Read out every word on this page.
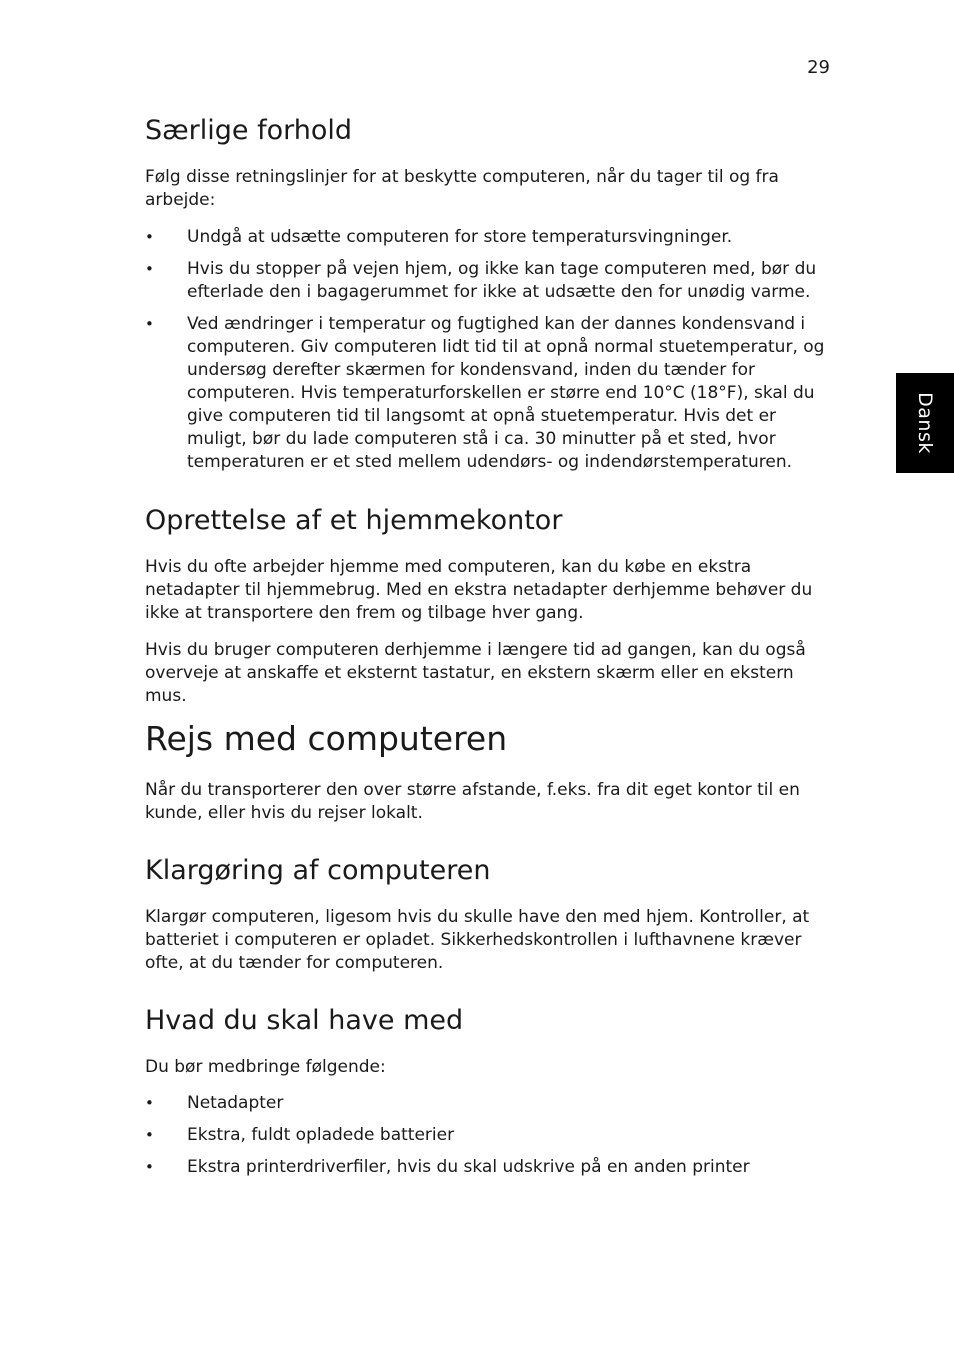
29
Dansk
Særlige forhold

Følg disse retningslinjer for at beskytte computeren, når du tager til og fra arbejde:

• Undgå at udsætte computeren for store temperatursvingninger.
• Hvis du stopper på vejen hjem, og ikke kan tage computeren med, bør du efterlade den i bagagerummet for ikke at udsætte den for unødig varme.
• Ved ændringer i temperatur og fugtighed kan der dannes kondensvand i computeren. Giv computeren lidt tid til at opnå normal stuetemperatur, og undersøg derefter skærmen for kondensvand, inden du tænder for computeren. Hvis temperaturforskellen er større end 10°C (18°F), skal du give computeren tid til langsomt at opnå stuetemperatur. Hvis det er muligt, bør du lade computeren stå i ca. 30 minutter på et sted, hvor temperaturen er et sted mellem udendørs- og indendørstemperaturen.
Oprettelse af et hjemmekontor

Hvis du ofte arbejder hjemme med computeren, kan du købe en ekstra netadapter til hjemmebrug. Med en ekstra netadapter derhjemme behøver du ikke at transportere den frem og tilbage hver gang.

Hvis du bruger computeren derhjemme i længere tid ad gangen, kan du også overveje at anskaffe et eksternt tastatur, en ekstern skærm eller en ekstern mus.

Rejs med computeren

Når du transporterer den over større afstande, f.eks. fra dit eget kontor til en kunde, eller hvis du rejser lokalt.

Klargøring af computeren

Klargør computeren, ligesom hvis du skulle have den med hjem. Kontroller, at batteriet i computeren er opladet. Sikkerhedskontrollen i lufthavnene kræver ofte, at du tænder for computeren.

Hvad du skal have med

Du bør medbringe følgende:

• Netadapter
• Ekstra, fuldt opladede batterier
• Ekstra printerdriverfiler, hvis du skal udskrive på en anden printer
